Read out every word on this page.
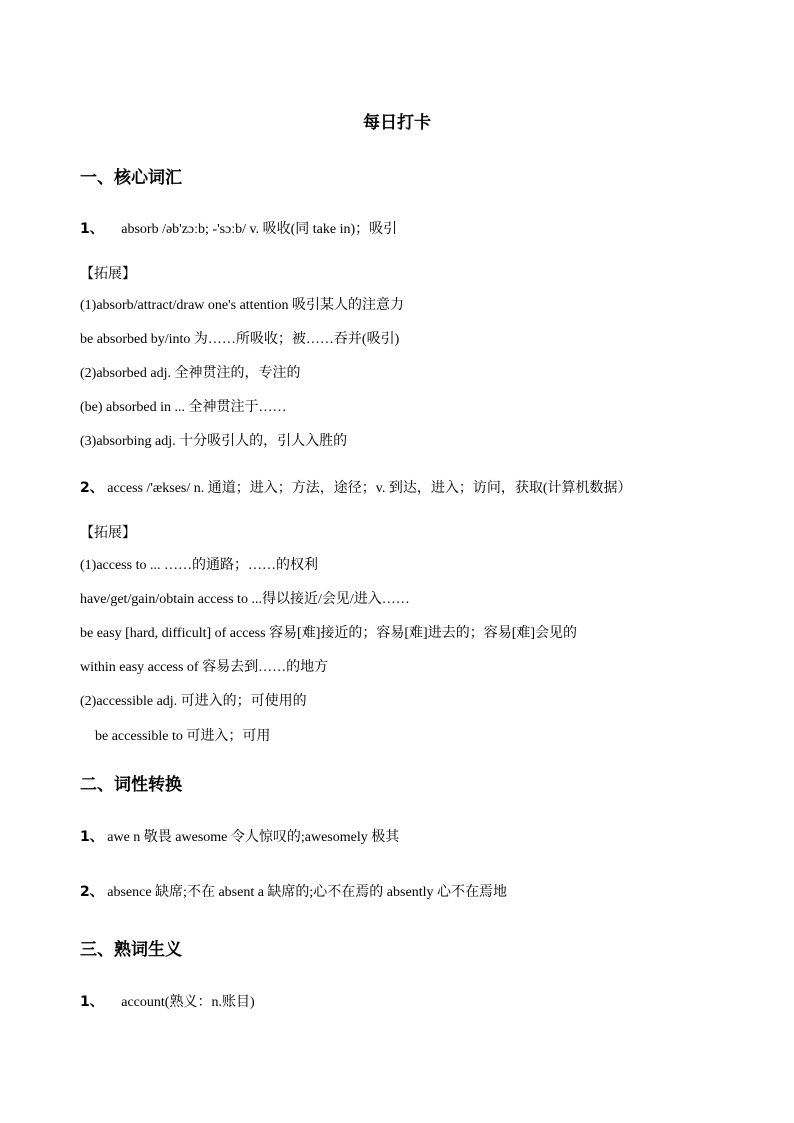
每日打卡
一、核心词汇
1、 absorb /əb'zɔːb; -'sɔːb/ v. 吸收(同 take in)；吸引
【拓展】
(1)absorb/attract/draw one's attention 吸引某人的注意力
be absorbed by/into 为……所吸收；被……吞并(吸引)
(2)absorbed adj. 全神贯注的，专注的
(be) absorbed in ... 全神贯注于……
(3)absorbing adj. 十分吸引人的，引人入胜的
2、 access /'ækses/ n. 通道；进入；方法，途径；v. 到达，进入；访问，获取(计算机数据）
【拓展】
(1)access to ... ……的通路；……的权利
have/get/gain/obtain access to ...得以接近/会见/进入……
be easy [hard, difficult] of access 容易[难]接近的；容易[难]进去的；容易[难]会见的
within easy access of 容易去到……的地方
(2)accessible adj. 可进入的；可使用的
be accessible to 可进入；可用
二、词性转换
1、 awe n 敬畏 awesome 令人惊叹的;awesomely 极其
2、 absence 缺席;不在 absent a 缺席的;心不在焉的 absently 心不在焉地
三、熟词生义
1、 account(熟义：n.账目)
